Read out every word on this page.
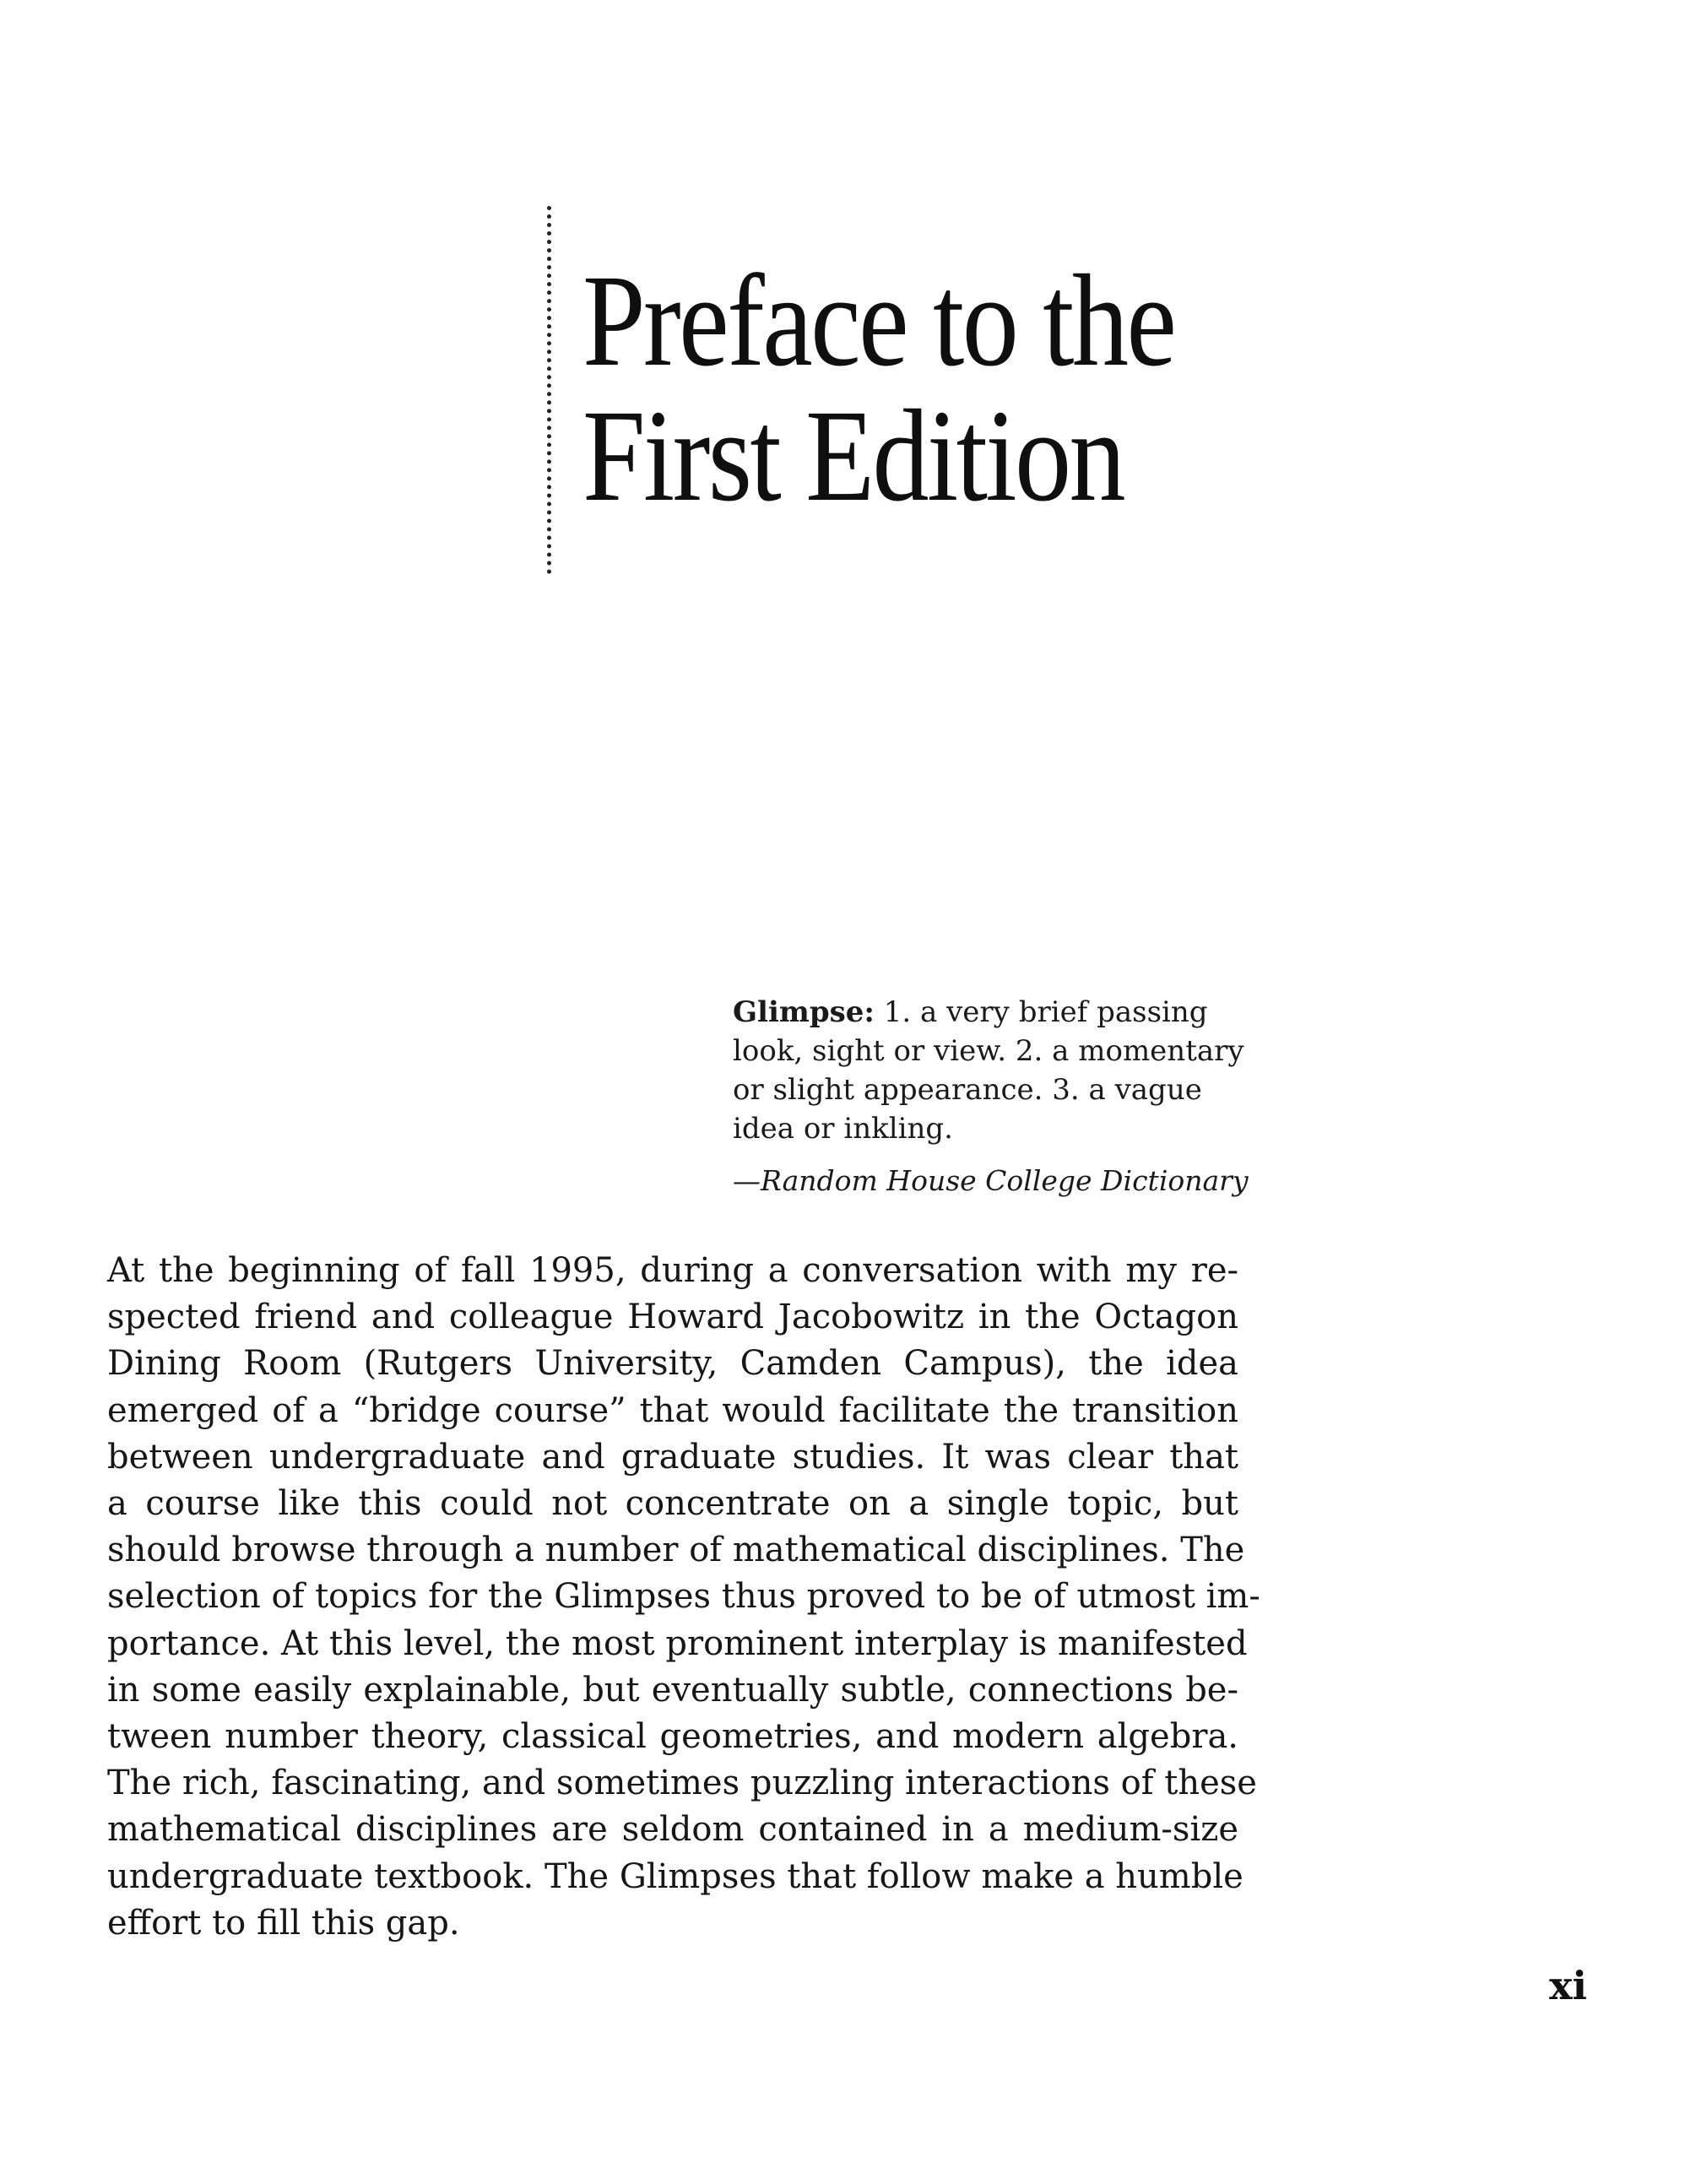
Preface to the
First Edition
Glimpse: 1. a very brief passing
look, sight or view. 2. a momentary
or slight appearance. 3. a vague
idea or inkling.
—Random House College Dictionary
At the beginning of fall 1995, during a conversation with my re-
spected friend and colleague Howard Jacobowitz in the Octagon
Dining Room (Rutgers University, Camden Campus), the idea
emerged of a “bridge course” that would facilitate the transition
between undergraduate and graduate studies. It was clear that
a course like this could not concentrate on a single topic, but
should browse through a number of mathematical disciplines. The
selection of topics for the Glimpses thus proved to be of utmost im-
portance. At this level, the most prominent interplay is manifested
in some easily explainable, but eventually subtle, connections be-
tween number theory, classical geometries, and modern algebra.
The rich, fascinating, and sometimes puzzling interactions of these
mathematical disciplines are seldom contained in a medium-size
undergraduate textbook. The Glimpses that follow make a humble
effort to fill this gap.
xi
